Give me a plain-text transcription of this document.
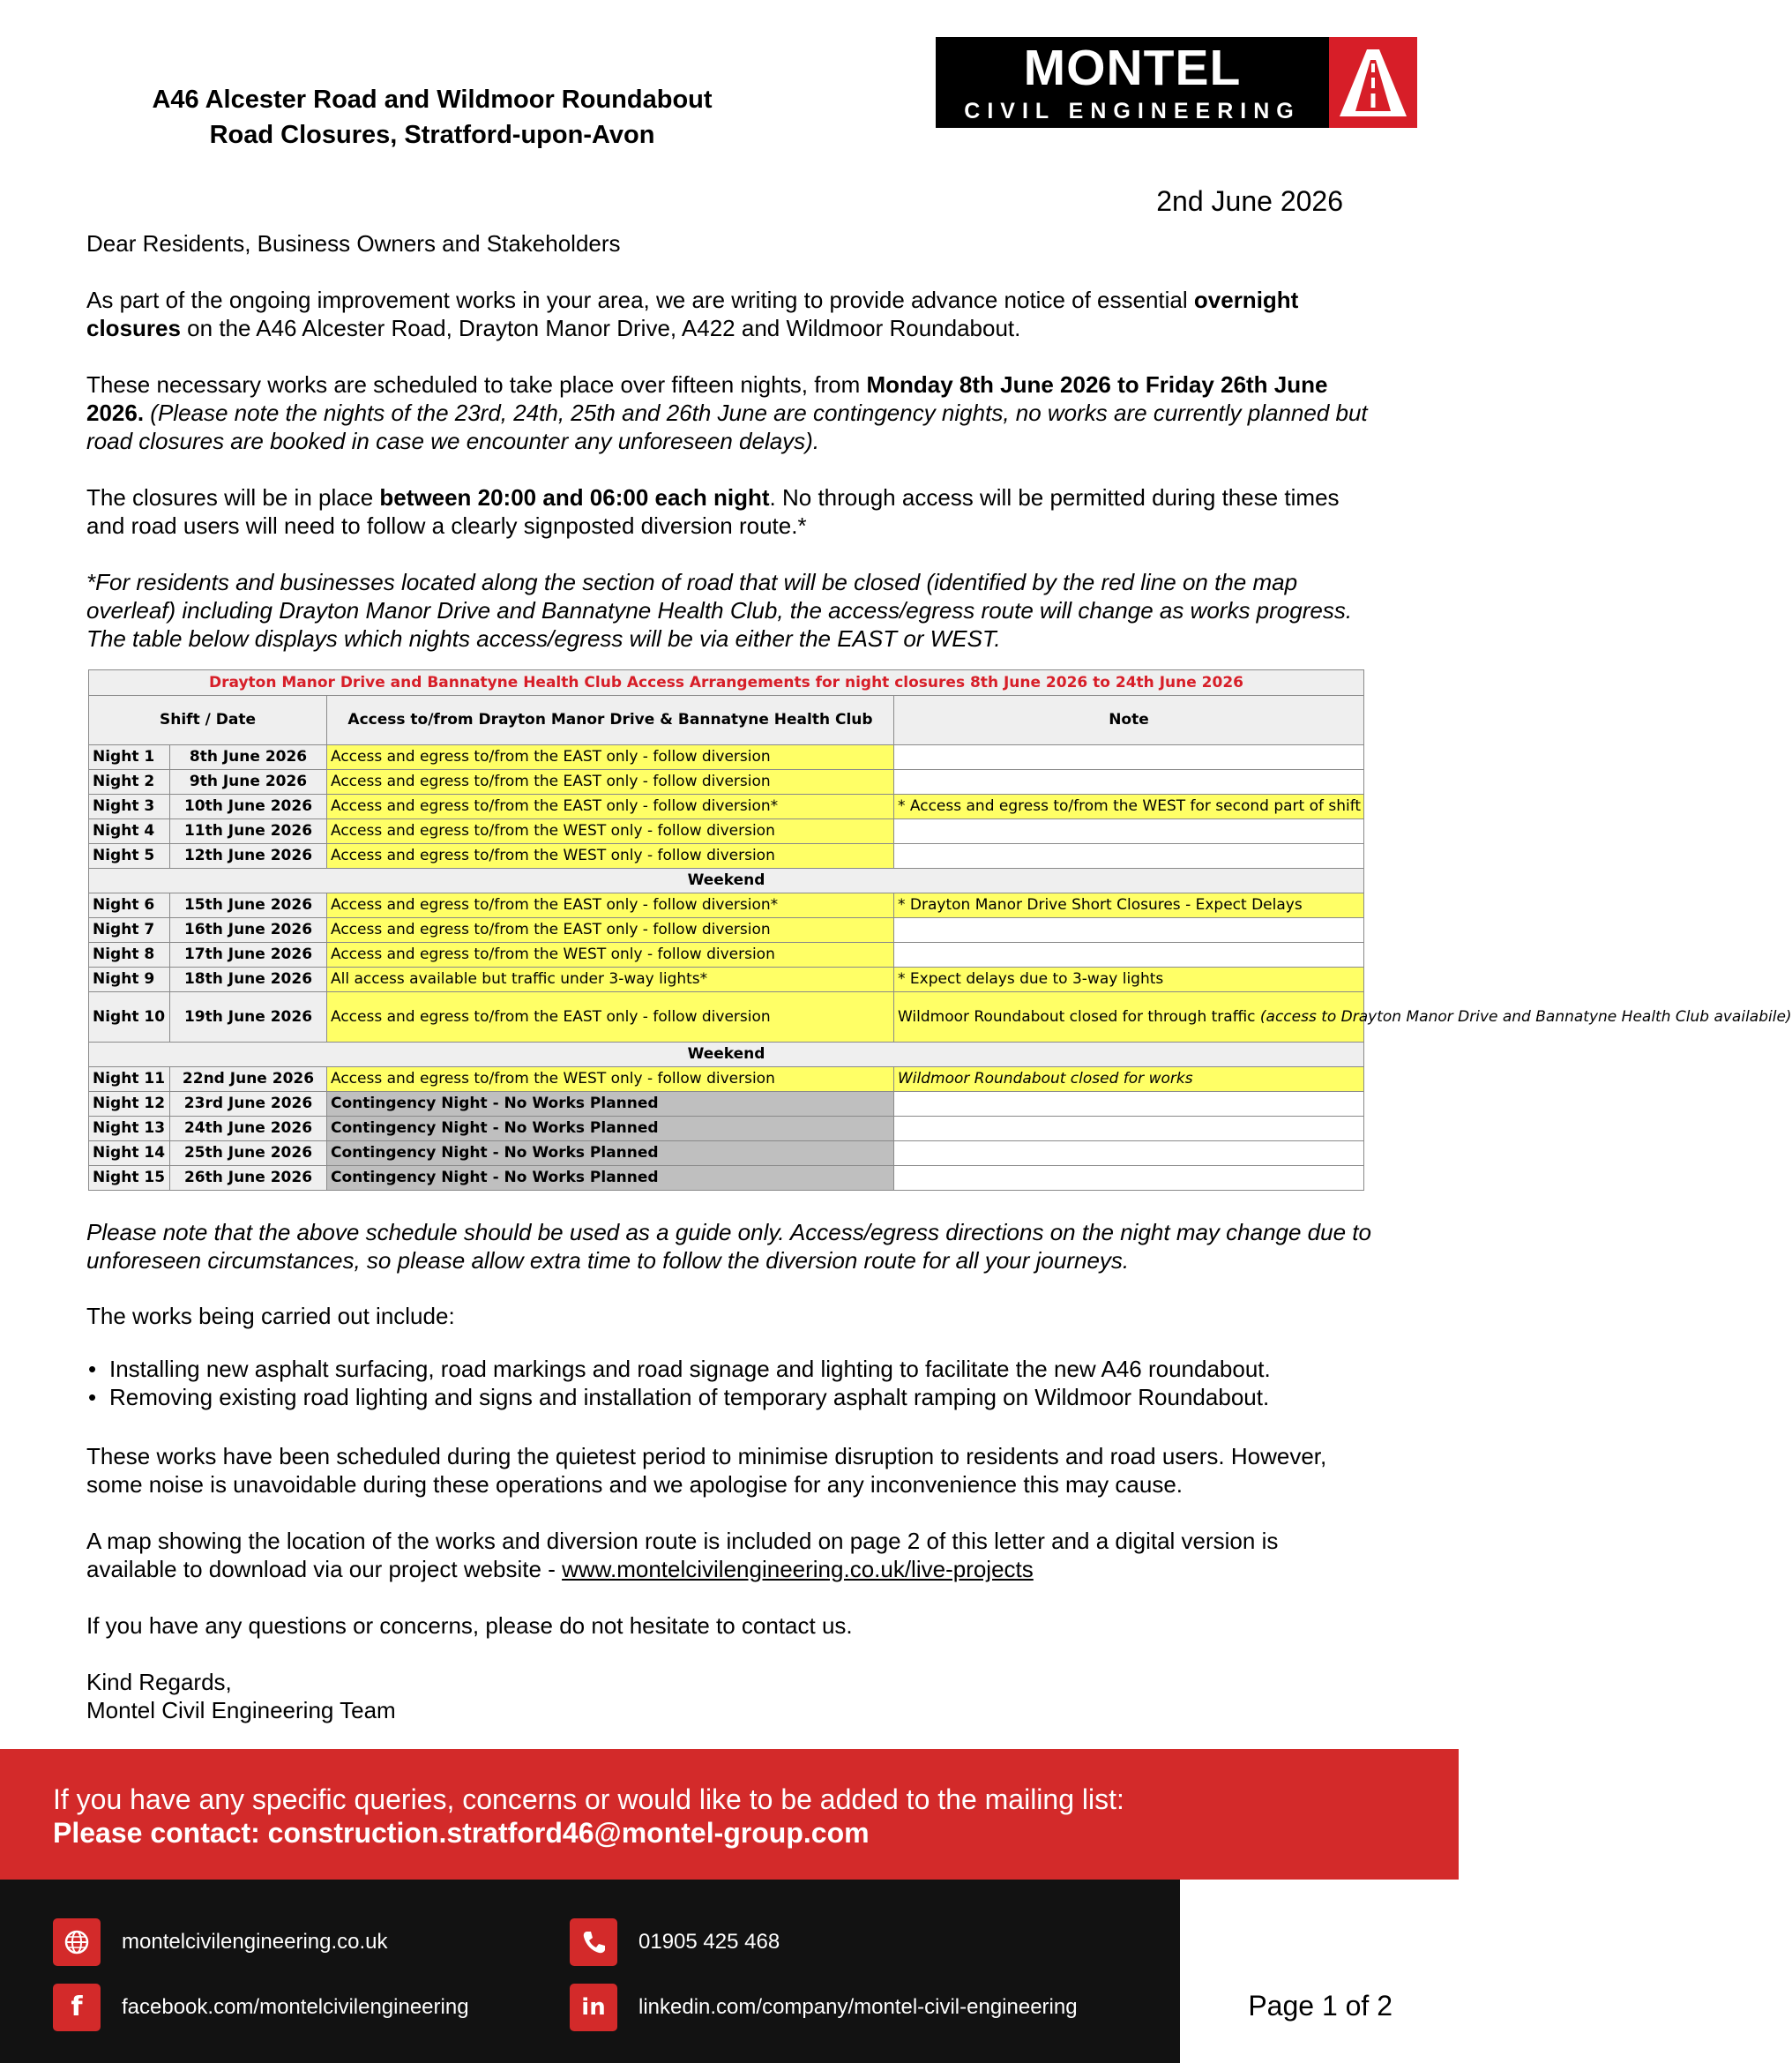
A46 Alcester Road and Wildmoor Roundabout
Road Closures, Stratford-upon-Avon
MONTEL
CIVIL ENGINEERING
2nd June 2026
Dear Residents, Business Owners and Stakeholders
As part of the ongoing improvement works in your area, we are writing to provide advance notice of essential overnight closures on the A46 Alcester Road, Drayton Manor Drive, A422 and Wildmoor Roundabout.
These necessary works are scheduled to take place over fifteen nights, from Monday 8th June 2026 to Friday 26th June 2026. (Please note the nights of the 23rd, 24th, 25th and 26th June are contingency nights, no works are currently planned but road closures are booked in case we encounter any unforeseen delays).
The closures will be in place between 20:00 and 06:00 each night. No through access will be permitted during these times and road users will need to follow a clearly signposted diversion route.*
*For residents and businesses located along the section of road that will be closed (identified by the red line on the map overleaf) including Drayton Manor Drive and Bannatyne Health Club, the access/egress route will change as works progress. The table below displays which nights access/egress will be via either the EAST or WEST.
Drayton Manor Drive and Bannatyne Health Club Access Arrangements for night closures 8th June 2026 to 24th June 2026			
Shift / Date		Access to/from Drayton Manor Drive & Bannatyne Health Club	Note
Night 1	8th June 2026	Access and egress to/from the EAST only - follow diversion	
Night 2	9th June 2026	Access and egress to/from the EAST only - follow diversion	
Night 3	10th June 2026	Access and egress to/from the EAST only - follow diversion*	* Access and egress to/from the WEST for second part of shift
Night 4	11th June 2026	Access and egress to/from the WEST only - follow diversion	
Night 5	12th June 2026	Access and egress to/from the WEST only - follow diversion	
Weekend			
Night 6	15th June 2026	Access and egress to/from the EAST only - follow diversion*	* Drayton Manor Drive Short Closures - Expect Delays
Night 7	16th June 2026	Access and egress to/from the EAST only - follow diversion	
Night 8	17th June 2026	Access and egress to/from the WEST only - follow diversion	
Night 9	18th June 2026	All access available but traffic under 3-way lights*	* Expect delays due to 3-way lights
Night 10	19th June 2026	Access and egress to/from the EAST only - follow diversion	Wildmoor Roundabout closed for through traffic (access to Drayton Manor Drive and Bannatyne Health Club availabile)
Weekend			
Night 11	22nd June 2026	Access and egress to/from the WEST only - follow diversion	Wildmoor Roundabout closed for works
Night 12	23rd June 2026	Contingency Night - No Works Planned	
Night 13	24th June 2026	Contingency Night - No Works Planned	
Night 14	25th June 2026	Contingency Night - No Works Planned	
Night 15	26th June 2026	Contingency Night - No Works Planned	
Please note that the above schedule should be used as a guide only. Access/egress directions on the night may change due to unforeseen circumstances, so please allow extra time to follow the diversion route for all your journeys.
The works being carried out include:
• Installing new asphalt surfacing, road markings and road signage and lighting to facilitate the new A46 roundabout.
• Removing existing road lighting and signs and installation of temporary asphalt ramping on Wildmoor Roundabout.
These works have been scheduled during the quietest period to minimise disruption to residents and road users. However, some noise is unavoidable during these operations and we apologise for any inconvenience this may cause.
A map showing the location of the works and diversion route is included on page 2 of this letter and a digital version is available to download via our project website - www.montelcivilengineering.co.uk/live-projects
If you have any questions or concerns, please do not hesitate to contact us.
Kind Regards,
Montel Civil Engineering Team
If you have any specific queries, concerns or would like to be added to the mailing list:
Please contact: construction.stratford46@montel-group.com
montelcivilengineering.co.uk	01905 425 468
f	facebook.com/montelcivilengineering	in	linkedin.com/company/montel-civil-engineering	Page 1 of 2
